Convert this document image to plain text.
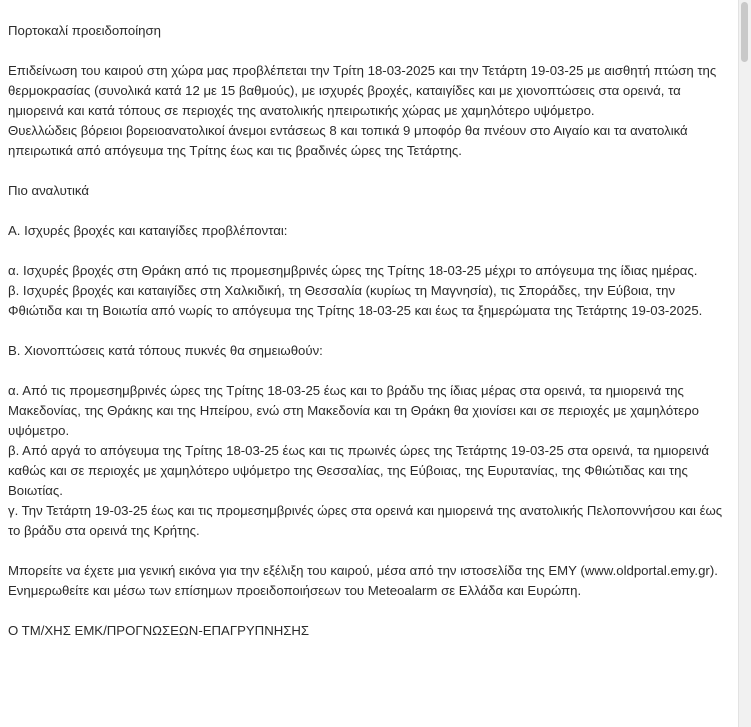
Πορτοκαλί προειδοποίηση

Επιδείνωση του καιρού στη χώρα μας προβλέπεται την Τρίτη 18-03-2025 και την Τετάρτη 19-03-25 με αισθητή πτώση της θερμοκρασίας (συνολικά κατά 12 με 15 βαθμούς), με ισχυρές βροχές, καταιγίδες και με χιονοπτώσεις στα ορεινά, τα ημιορεινά και κατά τόπους σε περιοχές της ανατολικής ηπειρωτικής χώρας με χαμηλότερο υψόμετρο.

Θυελλώδεις βόρειοι βορειοανατολικοί άνεμοι εντάσεως 8 και τοπικά 9 μποφόρ θα πνέουν στο Αιγαίο και τα ανατολικά ηπειρωτικά από απόγευμα της Τρίτης έως και τις βραδινές ώρες της Τετάρτης.

Πιο αναλυτικά

Α. Ισχυρές βροχές και καταιγίδες προβλέπονται:

α. Ισχυρές βροχές στη Θράκη από τις προμεσημβρινές ώρες της Τρίτης 18-03-25 μέχρι το απόγευμα της ίδιας ημέρας.

β. Ισχυρές βροχές και καταιγίδες στη Χαλκιδική, τη Θεσσαλία (κυρίως τη Μαγνησία), τις Σποράδες, την Εύβοια, την Φθιώτιδα και τη Βοιωτία από νωρίς το απόγευμα της Τρίτης 18-03-25 και έως τα ξημερώματα της Τετάρτης 19-03-2025.

Β. Χιονοπτώσεις κατά τόπους πυκνές θα σημειωθούν:

α. Από τις προμεσημβρινές ώρες της Τρίτης 18-03-25 έως και το βράδυ της ίδιας μέρας στα ορεινά, τα ημιορεινά της Μακεδονίας, της Θράκης και της Ηπείρου, ενώ στη Μακεδονία και τη Θράκη θα χιονίσει και σε περιοχές με χαμηλότερο υψόμετρο.

β. Από αργά το απόγευμα της Τρίτης 18-03-25 έως και τις πρωινές ώρες της Τετάρτης 19-03-25 στα ορεινά, τα ημιορεινά καθώς και σε περιοχές με χαμηλότερο υψόμετρο της Θεσσαλίας, της Εύβοιας, της Ευρυτανίας, της Φθιώτιδας και της Βοιωτίας.

γ. Την Τετάρτη 19-03-25 έως και τις προμεσημβρινές ώρες στα ορεινά και ημιορεινά της ανατολικής Πελοποννήσου και έως το βράδυ στα ορεινά της Κρήτης.

Μπορείτε να έχετε μια γενική εικόνα για την εξέλιξη του καιρού, μέσα από την ιστοσελίδα της ΕΜΥ (www.oldportal.emy.gr).

Ενημερωθείτε και μέσω των επίσημων προειδοποιήσεων του Meteoalarm σε Ελλάδα και Ευρώπη.

Ο ΤΜ/ΧΗΣ ΕΜΚ/ΠΡΟΓΝΩΣΕΩΝ-ΕΠΑΓΡΥΠΝΗΣΗΣ
